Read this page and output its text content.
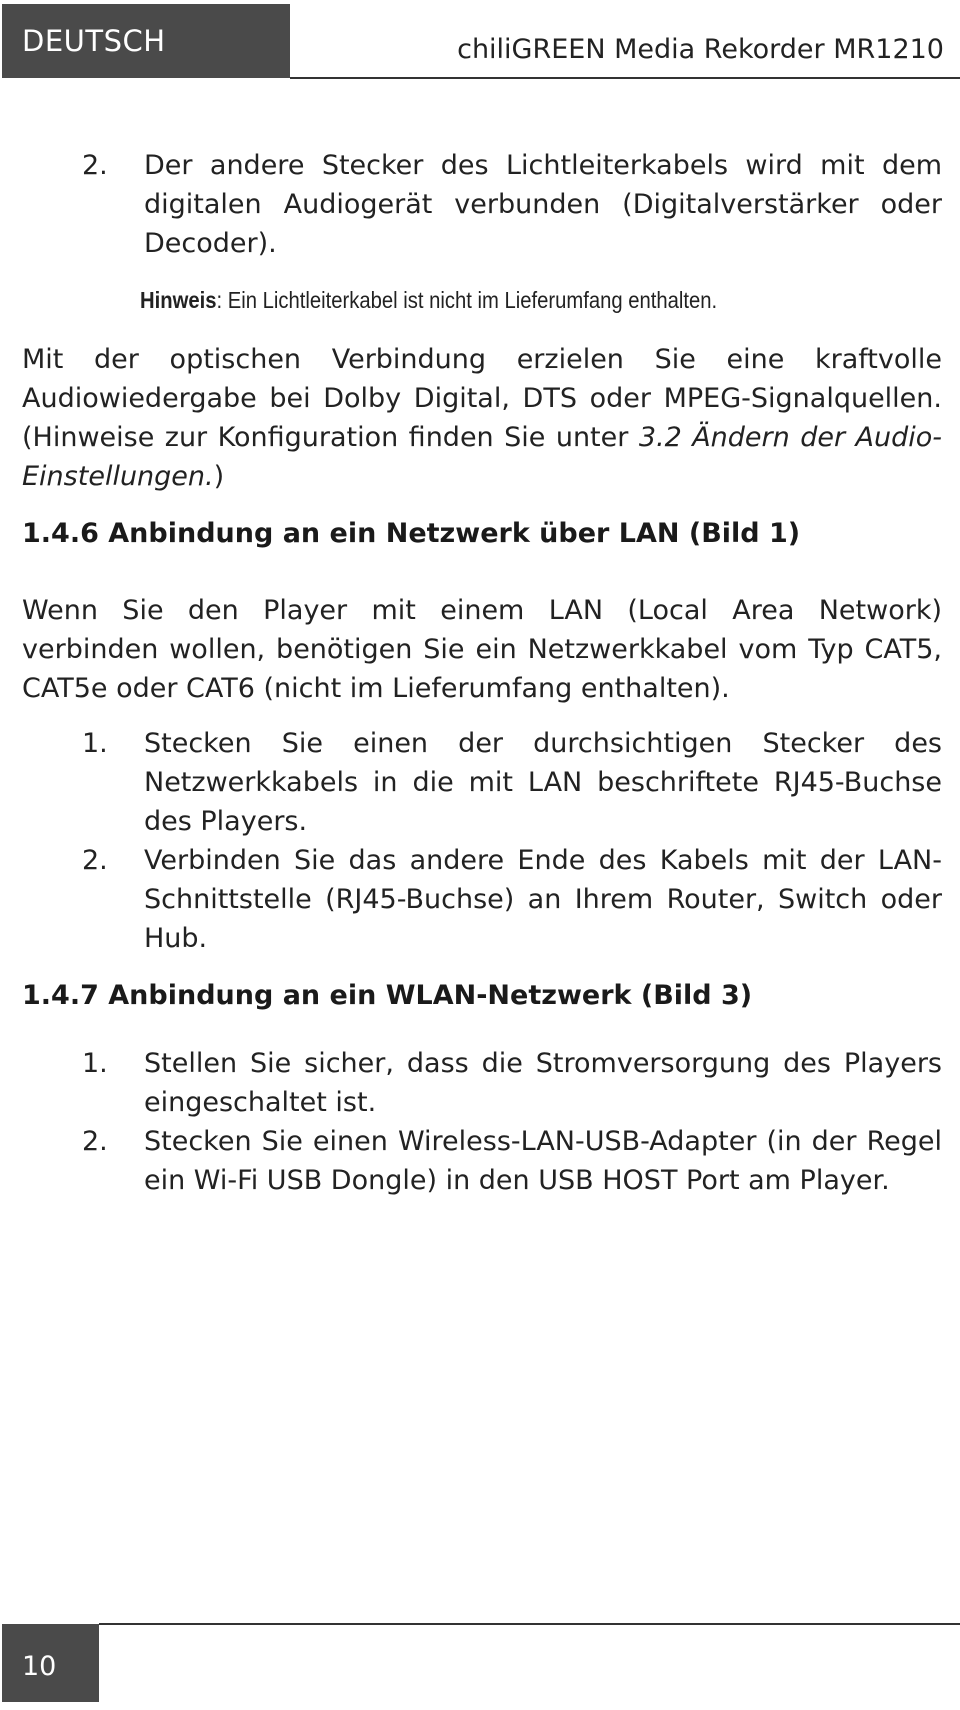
DEUTSCH	chiliGREEN Media Rekorder MR1210
2.	Der andere Stecker des Lichtleiterkabels wird mit dem digitalen Audiogerät verbunden (Digitalverstärker oder Decoder).
Hinweis: Ein Lichtleiterkabel ist nicht im Lieferumfang enthalten.

Mit der optischen Verbindung erzielen Sie eine kraftvolle Audiowiedergabe bei Dolby Digital, DTS oder MPEG-Signalquellen. (Hinweise zur Konfiguration finden Sie unter 3.2 Ändern der Audio-Einstellungen.)

1.4.6 Anbindung an ein Netzwerk über LAN (Bild 1)

Wenn Sie den Player mit einem LAN (Local Area Network) verbinden wollen, benötigen Sie ein Netzwerkkabel vom Typ CAT5, CAT5e oder CAT6 (nicht im Lieferumfang enthalten).

1.	Stecken Sie einen der durchsichtigen Stecker des Netzwerkkabels in die mit LAN beschriftete RJ45-Buchse des Players.
2.	Verbinden Sie das andere Ende des Kabels mit der LAN-Schnittstelle (RJ45-Buchse) an Ihrem Router, Switch oder Hub.
1.4.7 Anbindung an ein WLAN-Netzwerk (Bild 3)
1.	Stellen Sie sicher, dass die Stromversorgung des Players eingeschaltet ist.
2.	Stecken Sie einen Wireless-LAN-USB-Adapter (in der Regel ein Wi-Fi USB Dongle) in den USB HOST Port am Player.
10
